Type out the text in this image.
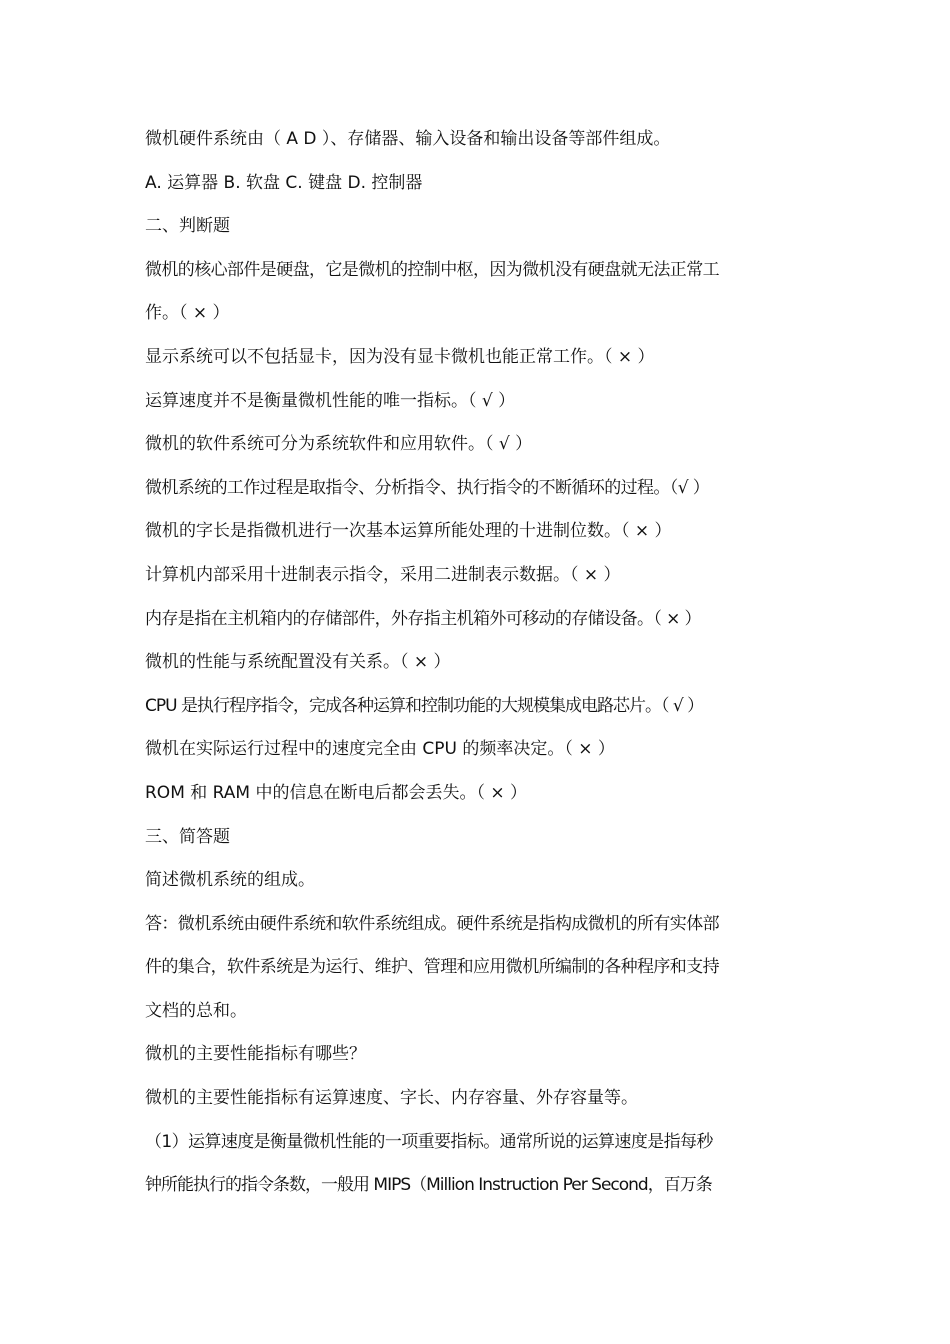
微机硬件系统由（ A D ）、存储器、输入设备和输出设备等部件组成。
A. 运算器 B. 软盘 C. 键盘 D. 控制器
二、判断题
微机的核心部件是硬盘，它是微机的控制中枢，因为微机没有硬盘就无法正常工
作。（ × ）
显示系统可以不包括显卡，因为没有显卡微机也能正常工作。（ × ）
运算速度并不是衡量微机性能的唯一指标。（ √ ）
微机的软件系统可分为系统软件和应用软件。（ √ ）
微机系统的工作过程是取指令、分析指令、执行指令的不断循环的过程。（√ ）
微机的字长是指微机进行一次基本运算所能处理的十进制位数。（ × ）
计算机内部采用十进制表示指令，采用二进制表示数据。（ × ）
内存是指在主机箱内的存储部件，外存指主机箱外可移动的存储设备。（ × ）
微机的性能与系统配置没有关系。（ × ）
CPU 是执行程序指令，完成各种运算和控制功能的大规模集成电路芯片。（ √ ）
微机在实际运行过程中的速度完全由 CPU 的频率决定。（ × ）
ROM 和 RAM 中的信息在断电后都会丢失。（ × ）
三、简答题
简述微机系统的组成。
答：微机系统由硬件系统和软件系统组成。硬件系统是指构成微机的所有实体部
件的集合，软件系统是为运行、维护、管理和应用微机所编制的各种程序和支持
文档的总和。
微机的主要性能指标有哪些？
微机的主要性能指标有运算速度、字长、内存容量、外存容量等。
（1）运算速度是衡量微机性能的一项重要指标。通常所说的运算速度是指每秒
钟所能执行的指令条数，一般用 MIPS（Million Instruction Per Second，百万条
